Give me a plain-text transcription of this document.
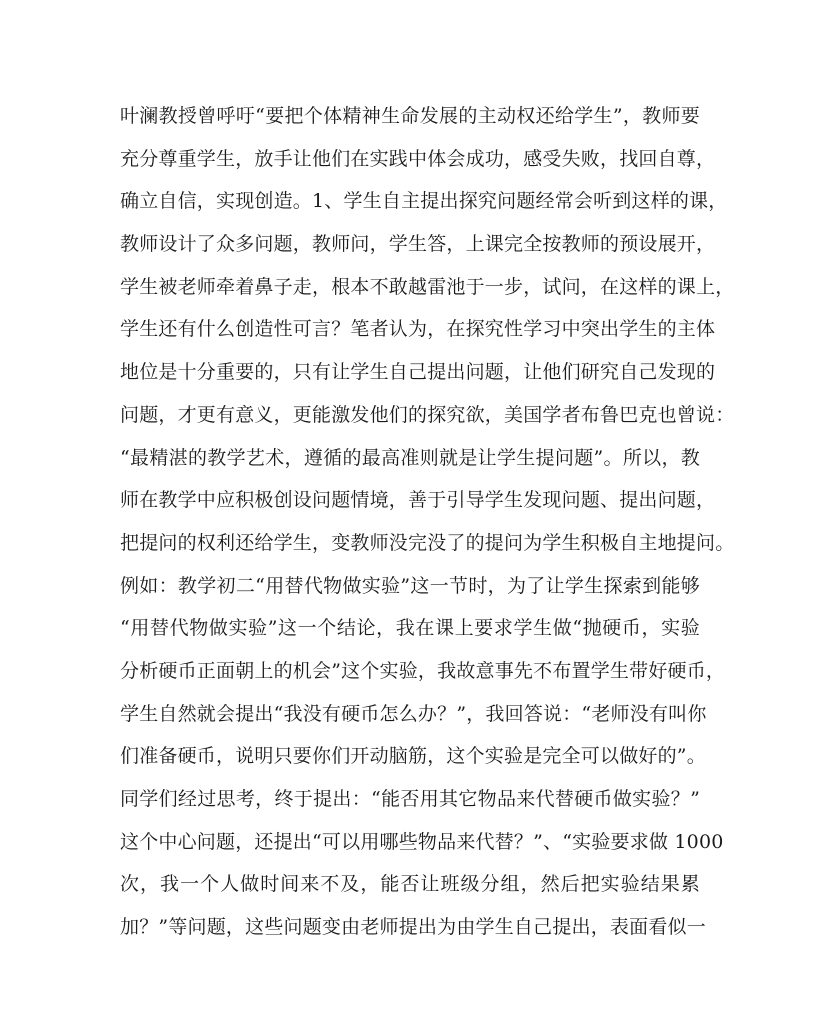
叶澜教授曾呼吁“要把个体精神生命发展的主动权还给学生”，教师要
充分尊重学生，放手让他们在实践中体会成功，感受失败，找回自尊，
确立自信，实现创造。1、学生自主提出探究问题经常会听到这样的课，
教师设计了众多问题，教师问，学生答，上课完全按教师的预设展开，
学生被老师牵着鼻子走，根本不敢越雷池于一步，试问，在这样的课上，
学生还有什么创造性可言？笔者认为，在探究性学习中突出学生的主体
地位是十分重要的，只有让学生自己提出问题，让他们研究自己发现的
问题，才更有意义，更能激发他们的探究欲，美国学者布鲁巴克也曾说：
“最精湛的教学艺术，遵循的最高准则就是让学生提问题”。所以，教
师在教学中应积极创设问题情境，善于引导学生发现问题、提出问题，
把提问的权利还给学生，变教师没完没了的提问为学生积极自主地提问。
例如：教学初二“用替代物做实验”这一节时，为了让学生探索到能够
“用替代物做实验”这一个结论，我在课上要求学生做“抛硬币，实验
分析硬币正面朝上的机会”这个实验，我故意事先不布置学生带好硬币，
学生自然就会提出“我没有硬币怎么办？”，我回答说：“老师没有叫你
们准备硬币，说明只要你们开动脑筋，这个实验是完全可以做好的”。
同学们经过思考，终于提出：“能否用其它物品来代替硬币做实验？”
这个中心问题，还提出“可以用哪些物品来代替？”、“实验要求做 1000
次，我一个人做时间来不及，能否让班级分组，然后把实验结果累
加？”等问题，这些问题变由老师提出为由学生自己提出，表面看似一
